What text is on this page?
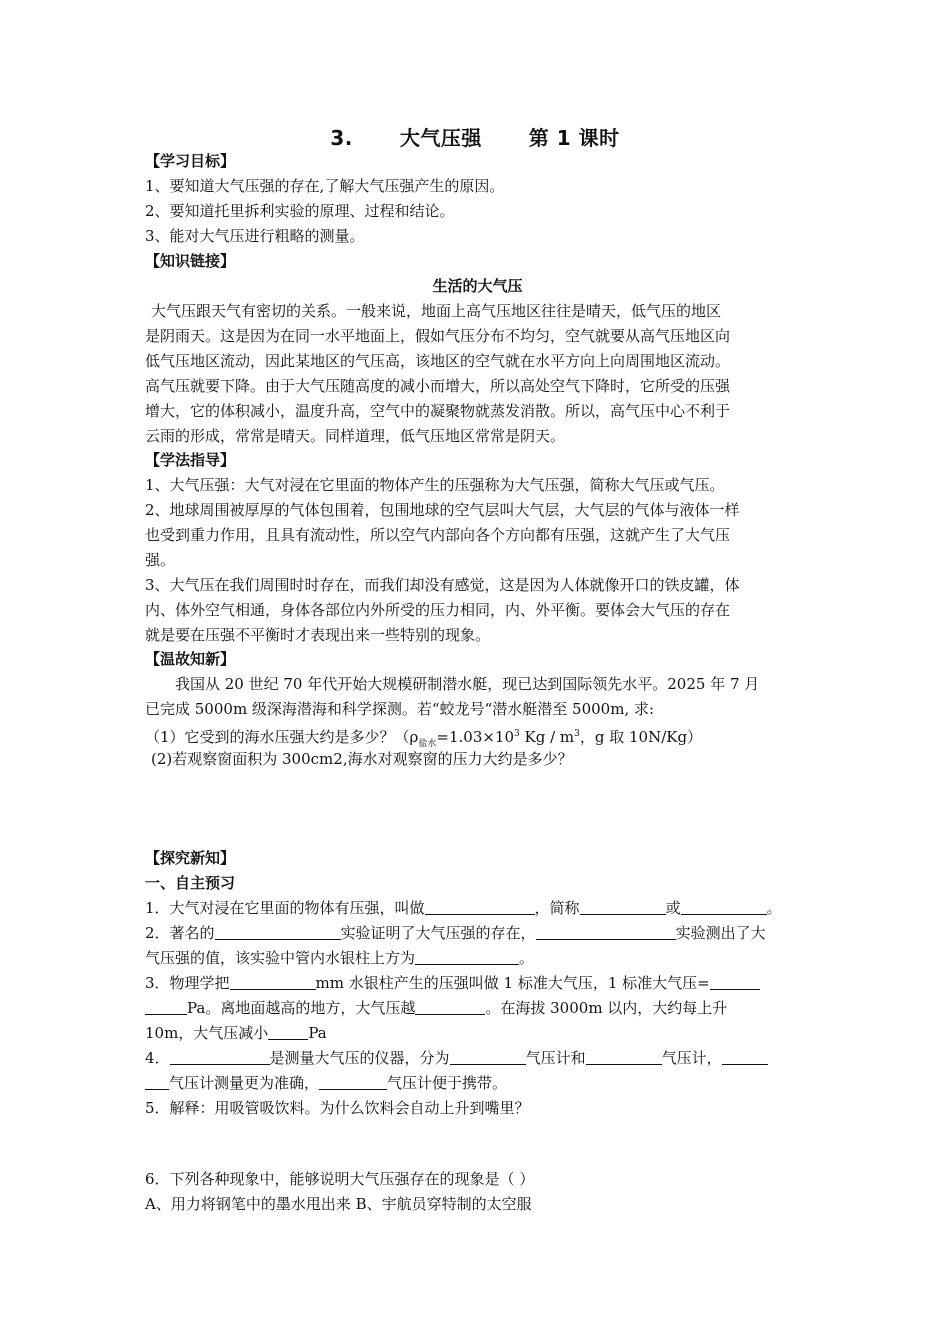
3. 大气压强 第 1 课时
【学习目标】
1、要知道大气压强的存在,了解大气压强产生的原因。
2、要知道托里拆利实验的原理、过程和结论。
3、能对大气压进行粗略的测量。
【知识链接】
生活的大气压
大气压跟天气有密切的关系。一般来说，地面上高气压地区往往是晴天，低气压的地区
是阴雨天。这是因为在同一水平地面上，假如气压分布不均匀，空气就要从高气压地区向
低气压地区流动，因此某地区的气压高，该地区的空气就在水平方向上向周围地区流动。
高气压就要下降。由于大气压随高度的减小而增大，所以高处空气下降时，它所受的压强
增大，它的体积减小，温度升高，空气中的凝聚物就蒸发消散。所以，高气压中心不利于
云雨的形成，常常是晴天。同样道理，低气压地区常常是阴天。
【学法指导】
1、大气压强：大气对浸在它里面的物体产生的压强称为大气压强，简称大气压或气压。
2、地球周围被厚厚的气体包围着，包围地球的空气层叫大气层，大气层的气体与液体一样
也受到重力作用，且具有流动性，所以空气内部向各个方向都有压强，这就产生了大气压
强。
3、大气压在我们周围时时存在，而我们却没有感觉，这是因为人体就像开口的铁皮罐，体
内、体外空气相通，身体各部位内外所受的压力相同，内、外平衡。要体会大气压的存在
就是要在压强不平衡时才表现出来一些特别的现象。
【温故知新】
我国从 20 世纪 70 年代开始大规模研制潜水艇，现已达到国际领先水平。2025 年 7 月
已完成 5000m 级深海潜海和科学探测。若“蛟龙号“潜水艇潜至 5000m, 求:
（1）它受到的海水压强大约是多少？（$\rho_{盐水}=1.03\times 10^3$ Kg / $m^3$，g 取 10N/Kg）
(2)若观察窗面积为 300cm2,海水对观察窗的压力大约是多少？
【探究新知】
一、自主预习
1．大气对浸在它里面的物体有压强，叫做	，简称	或	。
2．著名的	实验证明了大气压强的存在，	实验测出了大
气压强的值，该实验中管内水银柱上方为	。
3．物理学把	mm 水银柱产生的压强叫做 1 标准大气压，1 标准大气压=
Pa。离地面越高的地方，大气压越	。在海拔 3000m 以内，大约每上升
10m，大气压减小	Pa
4．	是测量大气压的仪器，分为	气压计和	气压计，
气压计测量更为准确，	气压计便于携带。
5．解释：用吸管吸饮料。为什么饮料会自动上升到嘴里？
6．下列各种现象中，能够说明大气压强存在的现象是（ ）
A、用力将钢笔中的墨水甩出来 B、宇航员穿特制的太空服
